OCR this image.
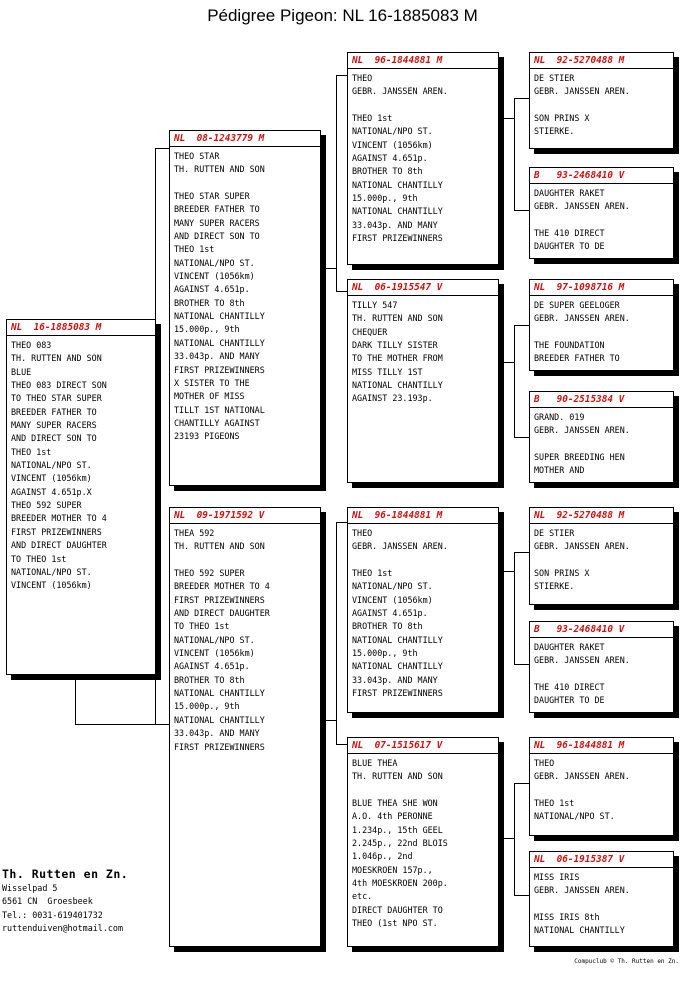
Pédigree Pigeon: NL 16-1885083 M
NL  16-1885083 M
THEO 083
TH. RUTTEN AND SON
BLUE
THEO 083 DIRECT SON
TO THEO STAR SUPER
BREEDER FATHER TO
MANY SUPER RACERS
AND DIRECT SON TO
THEO 1st
NATIONAL/NPO ST.
VINCENT (1056km)
AGAINST 4.651p.X
THEO 592 SUPER
BREEDER MOTHER TO 4
FIRST PRIZEWINNERS
AND DIRECT DAUGHTER
TO THEO 1st
NATIONAL/NPO ST.
VINCENT (1056km)
NL  08-1243779 M
THEO STAR
TH. RUTTEN AND SON

THEO STAR SUPER
BREEDER FATHER TO
MANY SUPER RACERS
AND DIRECT SON TO
THEO 1st
NATIONAL/NPO ST.
VINCENT (1056km)
AGAINST 4.651p.
BROTHER TO 8th
NATIONAL CHANTILLY
15.000p., 9th
NATIONAL CHANTILLY
33.043p. AND MANY
FIRST PRIZEWINNERS
X SISTER TO THE
MOTHER OF MISS
TILLT 1ST NATIONAL
CHANTILLY AGAINST
23193 PIGEONS
NL  09-1971592 V
THEA 592
TH. RUTTEN AND SON

THEO 592 SUPER
BREEDER MOTHER TO 4
FIRST PRIZEWINNERS
AND DIRECT DAUGHTER
TO THEO 1st
NATIONAL/NPO ST.
VINCENT (1056km)
AGAINST 4.651p.
BROTHER TO 8th
NATIONAL CHANTILLY
15.000p., 9th
NATIONAL CHANTILLY
33.043p. AND MANY
FIRST PRIZEWINNERS
NL  96-1844881 M
THEO
GEBR. JANSSEN AREN.

THEO 1st
NATIONAL/NPO ST.
VINCENT (1056km)
AGAINST 4.651p.
BROTHER TO 8th
NATIONAL CHANTILLY
15.000p., 9th
NATIONAL CHANTILLY
33.043p. AND MANY
FIRST PRIZEWINNERS
NL  06-1915547 V
TILLY 547
TH. RUTTEN AND SON
CHEQUER
DARK TILLY SISTER
TO THE MOTHER FROM
MISS TILLY 1ST
NATIONAL CHANTILLY
AGAINST 23.193p.
NL  96-1844881 M
THEO
GEBR. JANSSEN AREN.

THEO 1st
NATIONAL/NPO ST.
VINCENT (1056km)
AGAINST 4.651p.
BROTHER TO 8th
NATIONAL CHANTILLY
15.000p., 9th
NATIONAL CHANTILLY
33.043p. AND MANY
FIRST PRIZEWINNERS
NL  07-1515617 V
BLUE THEA
TH. RUTTEN AND SON

BLUE THEA SHE WON
A.O. 4th PERONNE
1.234p., 15th GEEL
2.245p., 22nd BLOIS
1.046p., 2nd
MOESKROEN 157p.,
4th MOESKROEN 200p.
etc.
DIRECT DAUGHTER TO
THEO (1st NPO ST.
NL  92-5270488 M
DE STIER
GEBR. JANSSEN AREN.

SON PRINS X
STIERKE.
B   93-2468410 V
DAUGHTER RAKET
GEBR. JANSSEN AREN.

THE 410 DIRECT
DAUGHTER TO DE
NL  97-1098716 M
DE SUPER GEELOGER
GEBR. JANSSEN AREN.

THE FOUNDATION
BREEDER FATHER TO
B   90-2515384 V
GRAND. 019
GEBR. JANSSEN AREN.

SUPER BREEDING HEN
MOTHER AND
NL  92-5270488 M
DE STIER
GEBR. JANSSEN AREN.

SON PRINS X
STIERKE.
B   93-2468410 V
DAUGHTER RAKET
GEBR. JANSSEN AREN.

THE 410 DIRECT
DAUGHTER TO DE
NL  96-1844881 M
THEO
GEBR. JANSSEN AREN.

THEO 1st
NATIONAL/NPO ST.
NL  06-1915387 V
MISS IRIS
GEBR. JANSSEN AREN.

MISS IRIS 8th
NATIONAL CHANTILLY
Th. Rutten en Zn.
Wisselpad 5
6561 CN  Groesbeek
Tel.: 0031-619401732
ruttenduiven@hotmail.com
Compuclub © Th. Rutten en Zn.
